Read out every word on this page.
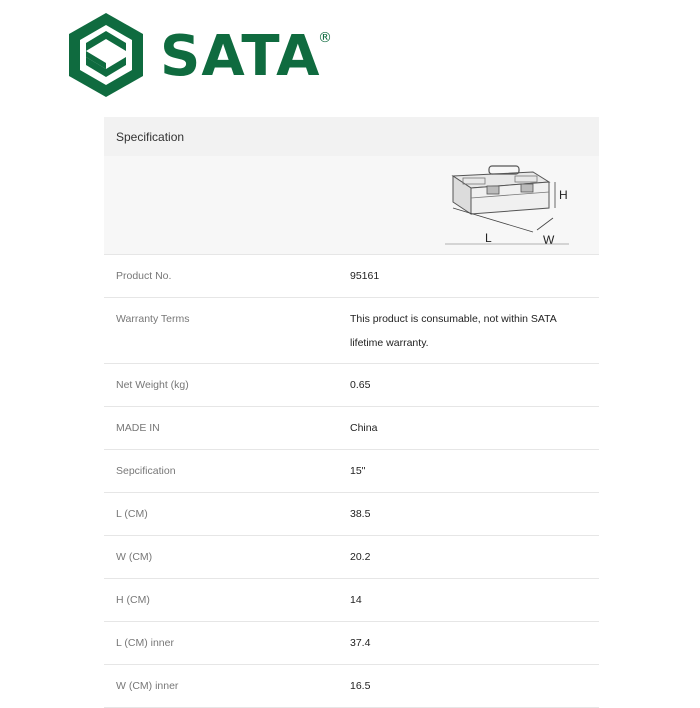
SATA
®
Specification
H
L	W
Product No.	95161
Warranty Terms	This product is consumable, not within SATA lifetime warranty.
Net Weight (kg)	0.65
MADE IN	China
Sepcification	15"
L (CM)	38.5
W (CM)	20.2
H (CM)	14
L (CM) inner	37.4
W (CM) inner	16.5
